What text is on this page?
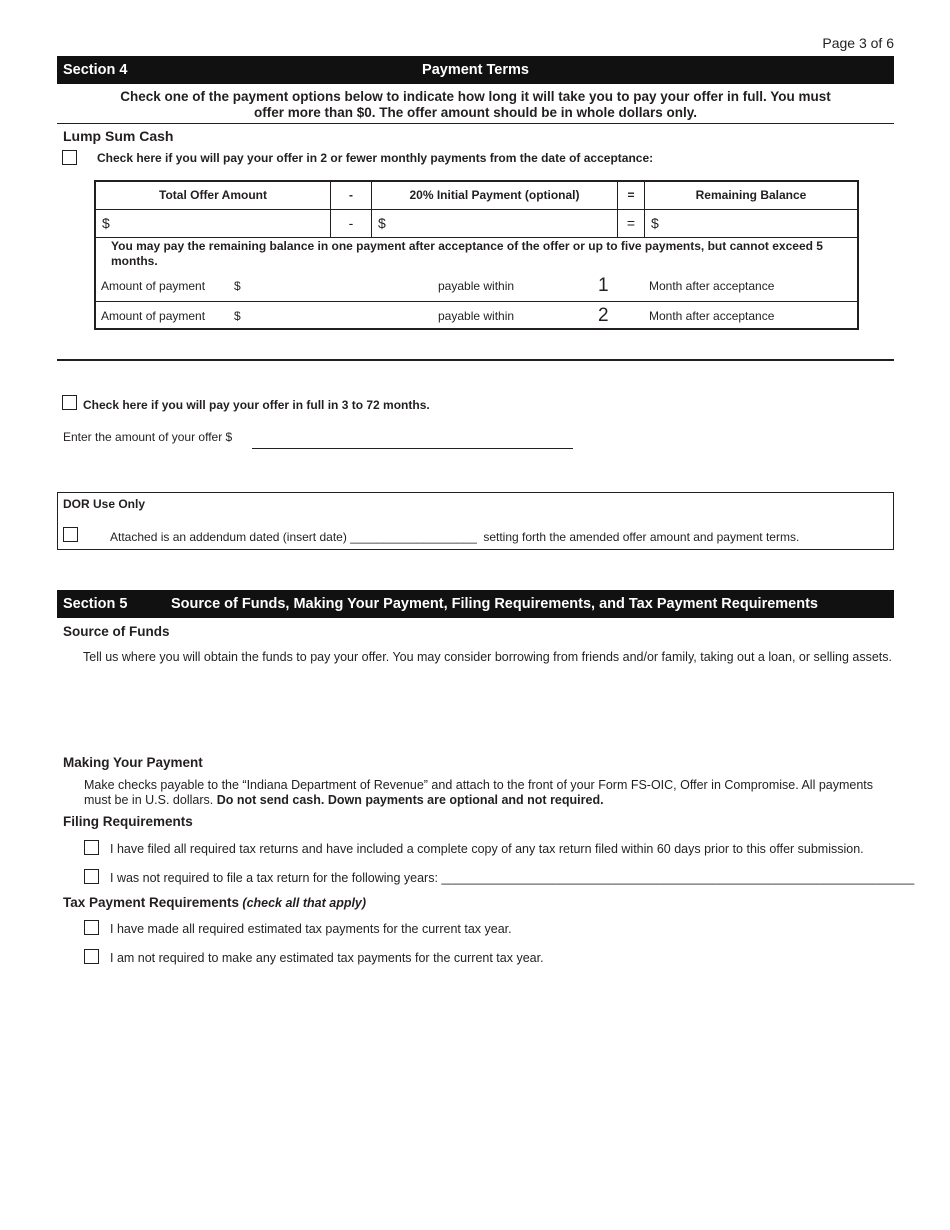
Page 3 of 6
Section 4	Payment Terms
Check one of the payment options below to indicate how long it will take you to pay your offer in full. You must
offer more than $0. The offer amount should be in whole dollars only.
Lump Sum Cash
Check here if you will pay your offer in 2 or fewer monthly payments from the date of acceptance:
Total Offer Amount	-	20% Initial Payment (optional)	=	Remaining Balance
$	-	$	=	$
You may pay the remaining balance in one payment after acceptance of the offer or up to five payments, but cannot exceed 5 months.				

Amount of payment $ payable within 1 Month after acceptance				

Amount of payment $ payable within 2 Month after acceptance				
Check here if you will pay your offer in full in 3 to 72 months.
Enter the amount of your offer $
DOR Use Only
Attached is an addendum dated (insert date) ___________________ setting forth the amended offer amount and payment terms.
Section 5	Source of Funds, Making Your Payment, Filing Requirements, and Tax Payment Requirements
Source of Funds
Tell us where you will obtain the funds to pay your offer. You may consider borrowing from friends and/or family, taking out a loan, or selling assets.
Making Your Payment
Make checks payable to the “Indiana Department of Revenue” and attach to the front of your Form FS-OIC, Offer in Compromise. All payments must be in U.S. dollars. Do not send cash. Down payments are optional and not required.
Filing Requirements
I have filed all required tax returns and have included a complete copy of any tax return filed within 60 days prior to this offer submission.
I was not required to file a tax return for the following years: ____________________________________________________________________
Tax Payment Requirements (check all that apply)
I have made all required estimated tax payments for the current tax year.
I am not required to make any estimated tax payments for the current tax year.
